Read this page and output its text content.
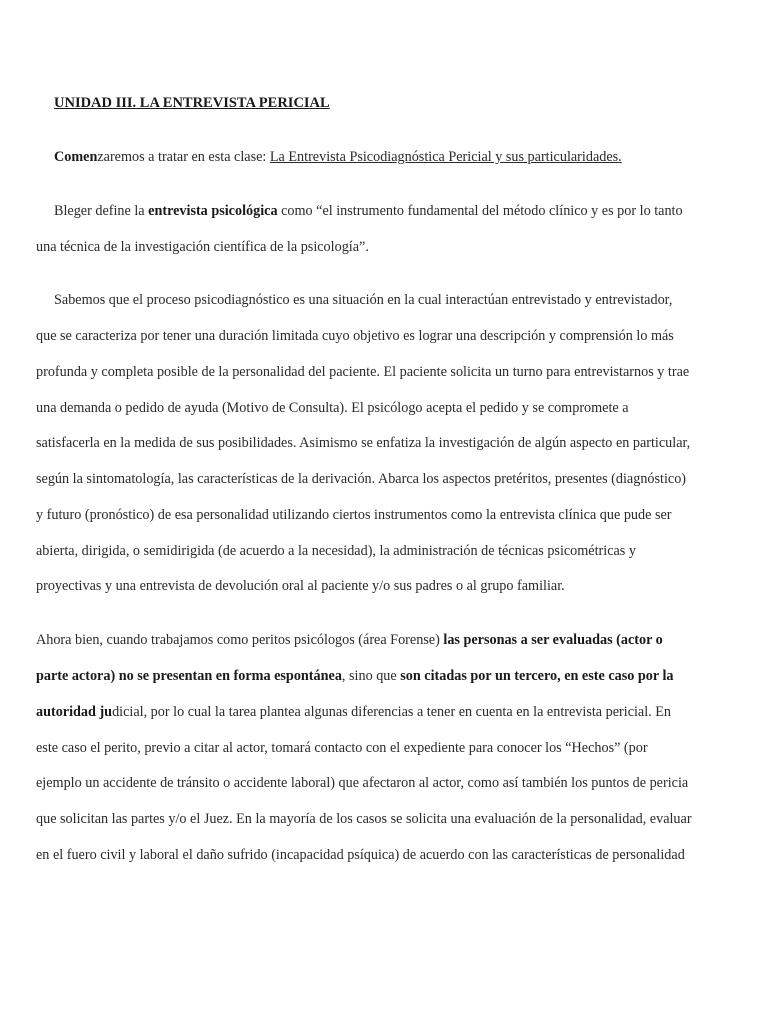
UNIDAD III. LA ENTREVISTA PERICIAL
Comenzaremos a tratar en esta clase: La Entrevista Psicodiagnóstica Pericial y sus particularidades.
Bleger define la entrevista psicológica como “el instrumento fundamental del método clínico y es por lo tanto
una técnica de la investigación científica de la psicología”.
Sabemos que el proceso psicodiagnóstico es una situación en la cual interactúan entrevistado y entrevistador,
que se caracteriza por tener una duración limitada cuyo objetivo es lograr una descripción y comprensión lo más
profunda y completa posible de la personalidad del paciente. El paciente solicita un turno para entrevistarnos y trae
una demanda o pedido de ayuda (Motivo de Consulta). El psicólogo acepta el pedido y se compromete a
satisfacerla en la medida de sus posibilidades. Asimismo se enfatiza la investigación de algún aspecto en particular,
según la sintomatología, las características de la derivación. Abarca los aspectos pretéritos, presentes (diagnóstico)
y futuro (pronóstico) de esa personalidad utilizando ciertos instrumentos como la entrevista clínica que pude ser
abierta, dirigida, o semidirigida (de acuerdo a la necesidad), la administración de técnicas psicométricas y
proyectivas y una entrevista de devolución oral al paciente y/o sus padres o al grupo familiar.
Ahora bien, cuando trabajamos como peritos psicólogos (área Forense) las personas a ser evaluadas (actor o
parte actora) no se presentan en forma espontánea, sino que son citadas por un tercero, en este caso por la
autoridad judicial, por lo cual la tarea plantea algunas diferencias a tener en cuenta en la entrevista pericial. En
este caso el perito, previo a citar al actor, tomará contacto con el expediente para conocer los “Hechos” (por
ejemplo un accidente de tránsito o accidente laboral) que afectaron al actor, como así también los puntos de pericia
que solicitan las partes y/o el Juez. En la mayoría de los casos se solicita una evaluación de la personalidad, evaluar
en el fuero civil y laboral el daño sufrido (incapacidad psíquica) de acuerdo con las características de personalidad
